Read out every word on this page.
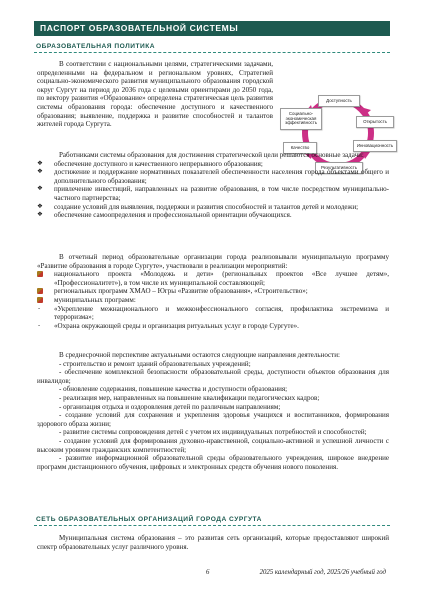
ПАСПОРТ ОБРАЗОВАТЕЛЬНОЙ СИСТЕМЫ
ОБРАЗОВАТЕЛЬНАЯ ПОЛИТИКА
Доступность
Открытость
Инновационность
Результативность
Качество
Социально-экономическая эффективность

В соответствии с национальными целями, стратегическими задачами, определенными на федеральном и региональном уровнях, Стратегией социально-экономического развития муниципального образования городской округ Сургут на период до 2036 года с целевыми ориентирами до 2050 года, по вектору развития «Образование» определена стратегическая цель развития системы образования города: обеспечение доступного и качественного образования; выявление, поддержка и развитие способностей и талантов жителей города Сургута.

Работниками системы образования для достижения стратегической цели решаются основные задачи:

❖ обеспечение доступного и качественного непрерывного образования;

❖ достижение и поддержание нормативных показателей обеспеченности населения города объектами общего и дополнительного образования;

❖ привлечение инвестиций, направленных на развитие образования, в том числе посредством муниципально-частного партнерства;

❖ создание условий для выявления, поддержки и развития способностей и талантов детей и молодежи;

❖ обеспечение самоопределения и профессиональной ориентации обучающихся.

В отчетный период образовательные организации города реализовывали муниципальную программу «Развитие образования в городе Сургуте», участвовали в реализации мероприятий:

национального проекта «Молодежь и дети» (региональных проектов «Все лучшее детям», «Профессионалитет»), в том числе их муниципальной составляющей;

региональных программ ХМАО – Югры «Развитие образования», «Строительство»;

муниципальных программ:

- «Укрепление межнационального и межконфессионального согласия, профилактика экстремизма и терроризма»;

- «Охрана окружающей среды и организация ритуальных услуг в городе Сургуте».

В среднесрочной перспективе актуальными остаются следующие направления деятельности:

- строительство и ремонт зданий образовательных учреждений;

- обеспечение комплексной безопасности образовательной среды, доступности объектов образования для инвалидов;

- обновление содержания, повышение качества и доступности образования;

- реализация мер, направленных на повышение квалификации педагогических кадров;

- организация отдыха и оздоровления детей по различным направлениям;

- создание условий для сохранения и укрепления здоровья учащихся и воспитанников, формирования здорового образа жизни;

- развитие системы сопровождения детей с учетом их индивидуальных потребностей и способностей;

- создание условий для формирования духовно-нравственной, социально-активной и успешной личности с высоким уровнем гражданских компетентностей;

- развитие информационной образовательной среды образовательного учреждения, широкое внедрение программ дистанционного обучения, цифровых и электронных средств обучения нового поколения.

СЕТЬ ОБРАЗОВАТЕЛЬНЫХ ОРГАНИЗАЦИЙ ГОРОДА СУРГУТА

Муниципальная система образования – это развитая сеть организаций, которые предоставляют широкий спектр образовательных услуг различного уровня.

6	2025 календарный год, 2025/26 учебный год
